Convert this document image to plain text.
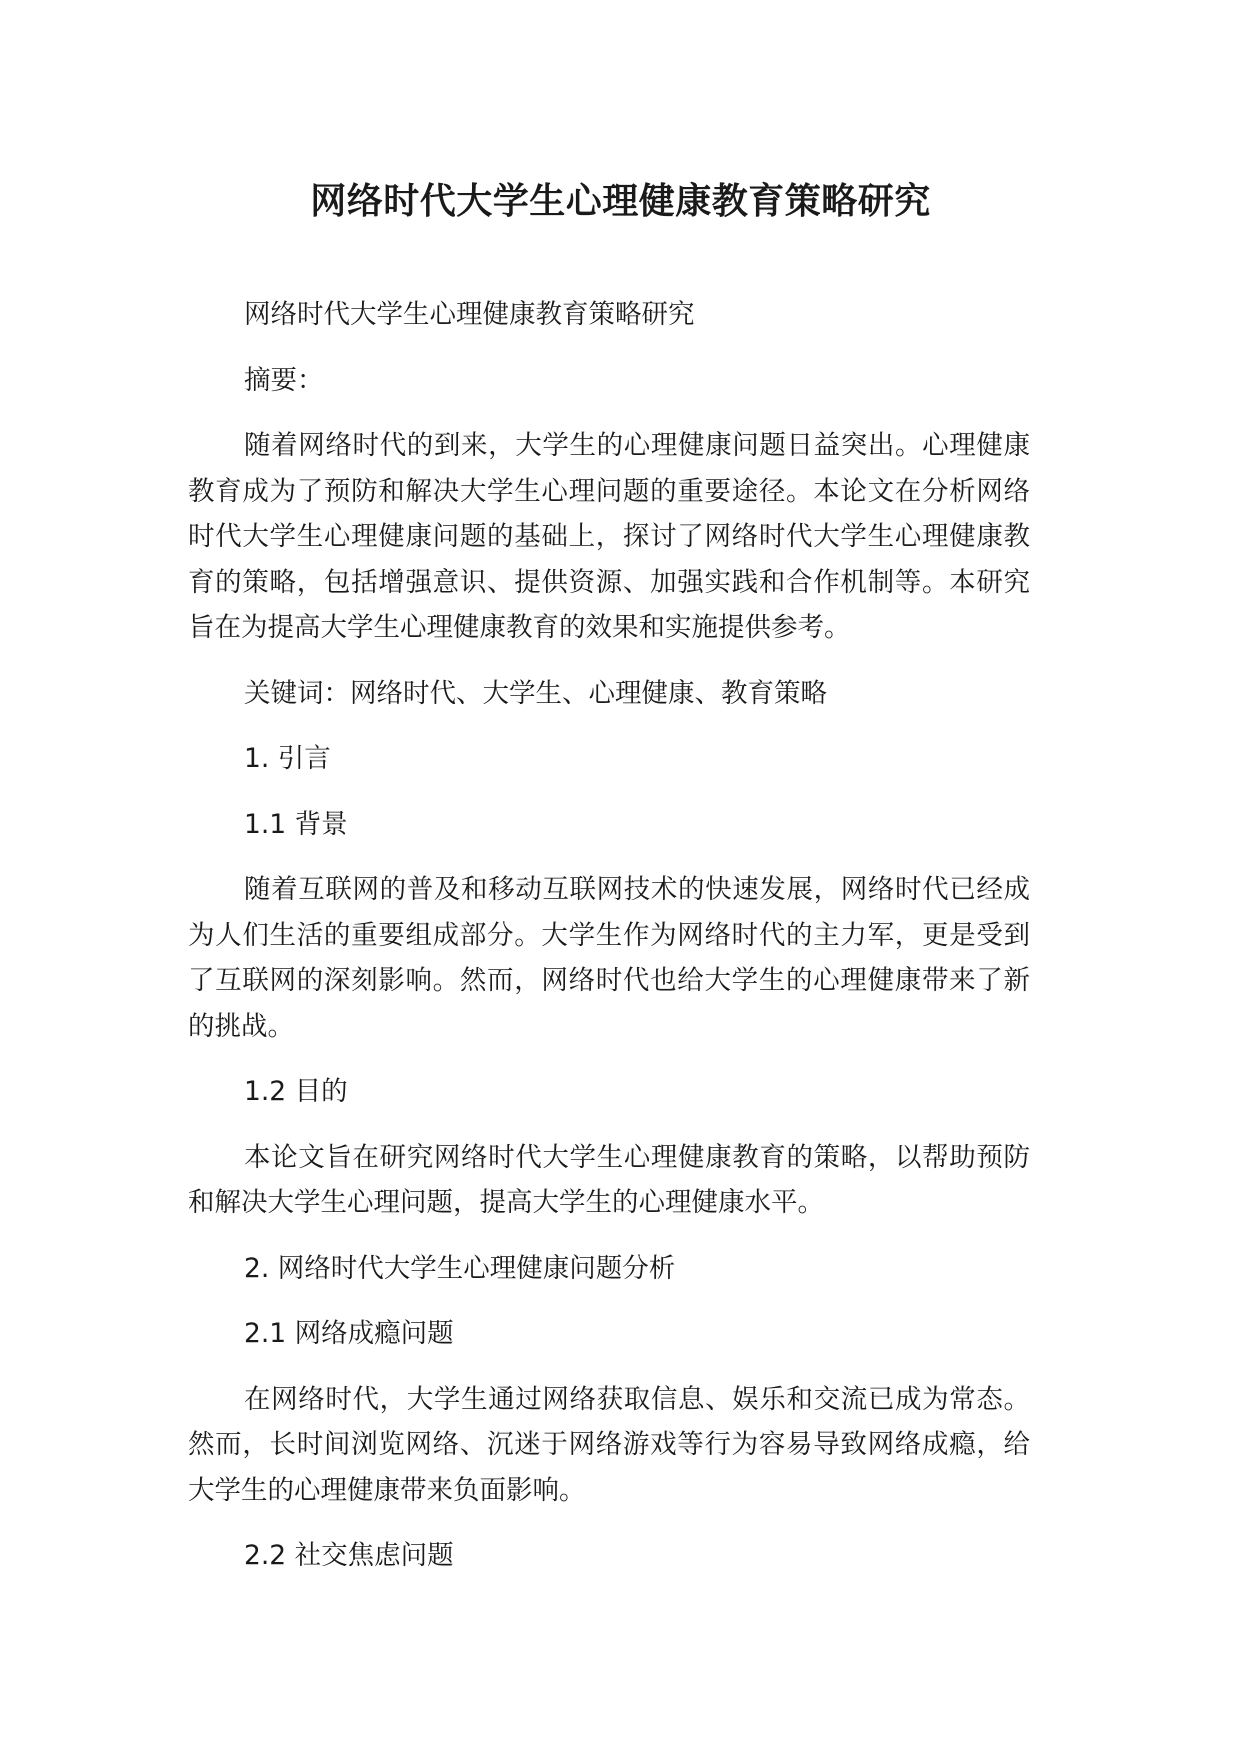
网络时代大学生心理健康教育策略研究

网络时代大学生心理健康教育策略研究

摘要：

随着网络时代的到来，大学生的心理健康问题日益突出。心理健康教育成为了预防和解决大学生心理问题的重要途径。本论文在分析网络时代大学生心理健康问题的基础上，探讨了网络时代大学生心理健康教育的策略，包括增强意识、提供资源、加强实践和合作机制等。本研究旨在为提高大学生心理健康教育的效果和实施提供参考。

关键词：网络时代、大学生、心理健康、教育策略

1. 引言

1.1 背景

随着互联网的普及和移动互联网技术的快速发展，网络时代已经成为人们生活的重要组成部分。大学生作为网络时代的主力军，更是受到了互联网的深刻影响。然而，网络时代也给大学生的心理健康带来了新的挑战。

1.2 目的

本论文旨在研究网络时代大学生心理健康教育的策略，以帮助预防和解决大学生心理问题，提高大学生的心理健康水平。

2. 网络时代大学生心理健康问题分析

2.1 网络成瘾问题

在网络时代，大学生通过网络获取信息、娱乐和交流已成为常态。然而，长时间浏览网络、沉迷于网络游戏等行为容易导致网络成瘾，给大学生的心理健康带来负面影响。

2.2 社交焦虑问题
